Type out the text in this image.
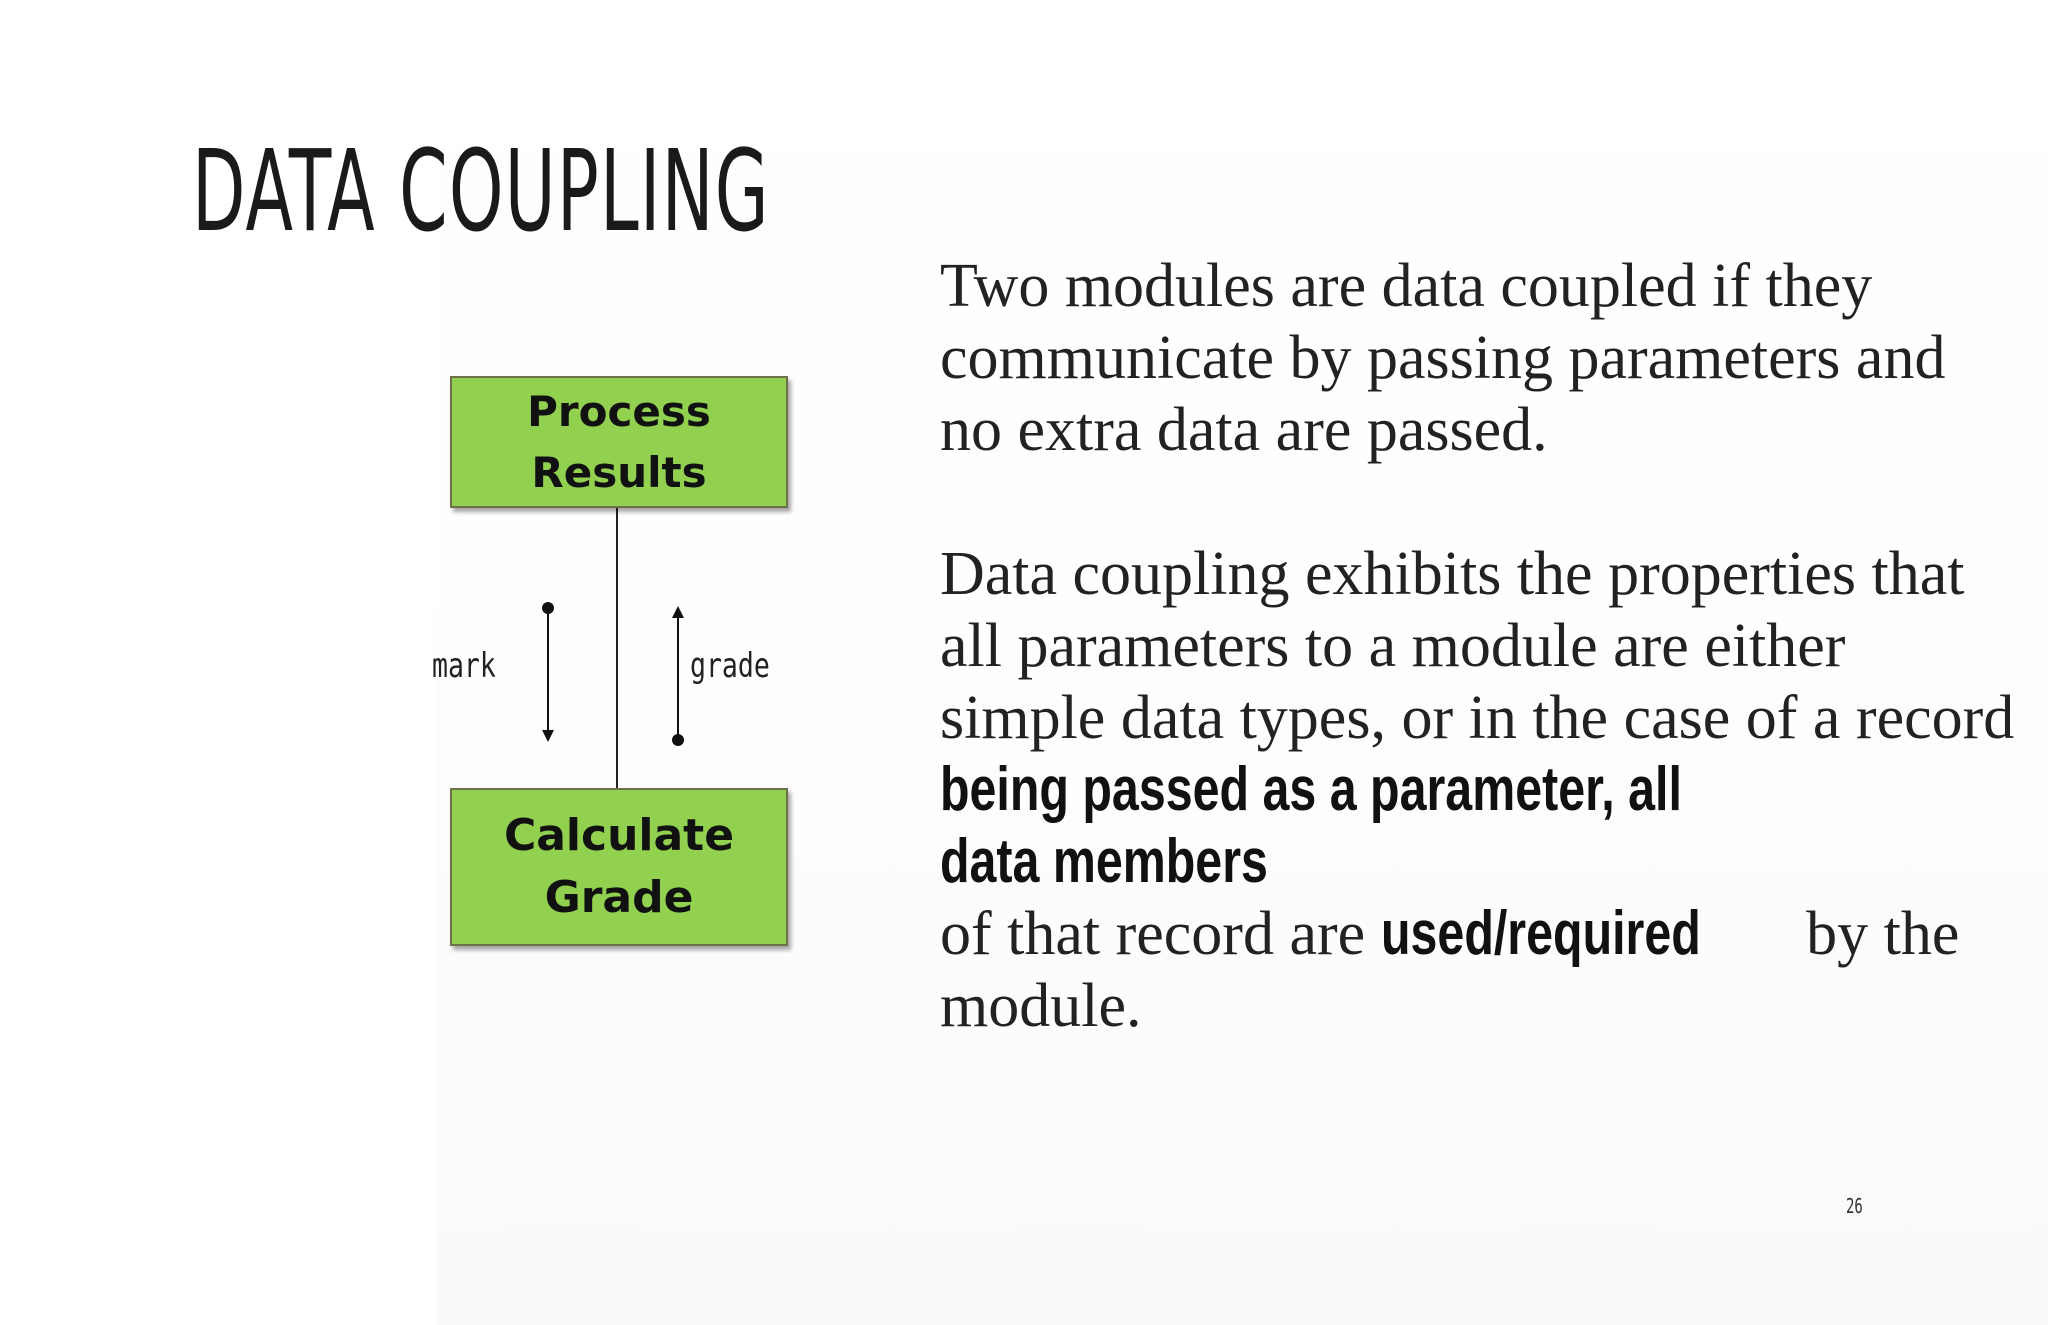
DATA COUPLING
Process
Results
mark	grade
Calculate
Grade

Two modules are data coupled if they communicate by passing parameters and no extra data are passed.

Data coupling exhibits the properties that all parameters to a module are either simple data types, or in the case of a record being passed as a parameter, all data members of that record are used/required by the module.

26
